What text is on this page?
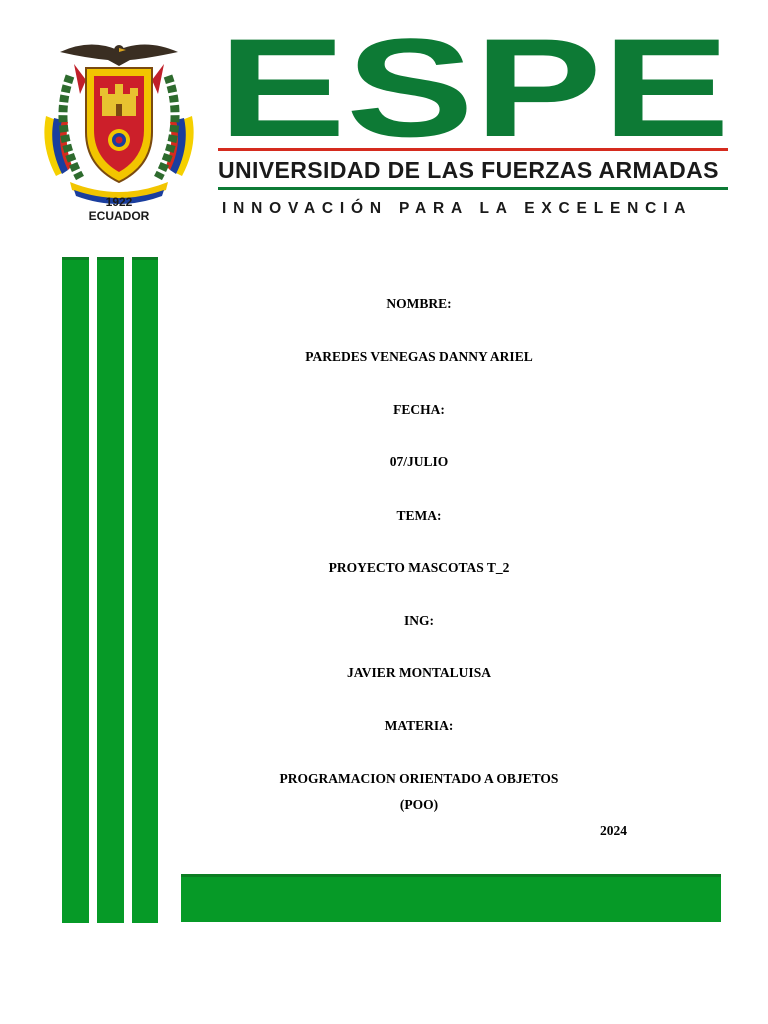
1922
ECUADOR
ESPE
UNIVERSIDAD DE LAS FUERZAS ARMADAS
INNOVACIÓN PARA LA EXCELENCIA
NOMBRE:
PAREDES VENEGAS DANNY ARIEL
FECHA:
07/JULIO
TEMA:
PROYECTO MASCOTAS T_2
ING:
JAVIER MONTALUISA
MATERIA:
PROGRAMACION ORIENTADO A OBJETOS
(POO)
2024
